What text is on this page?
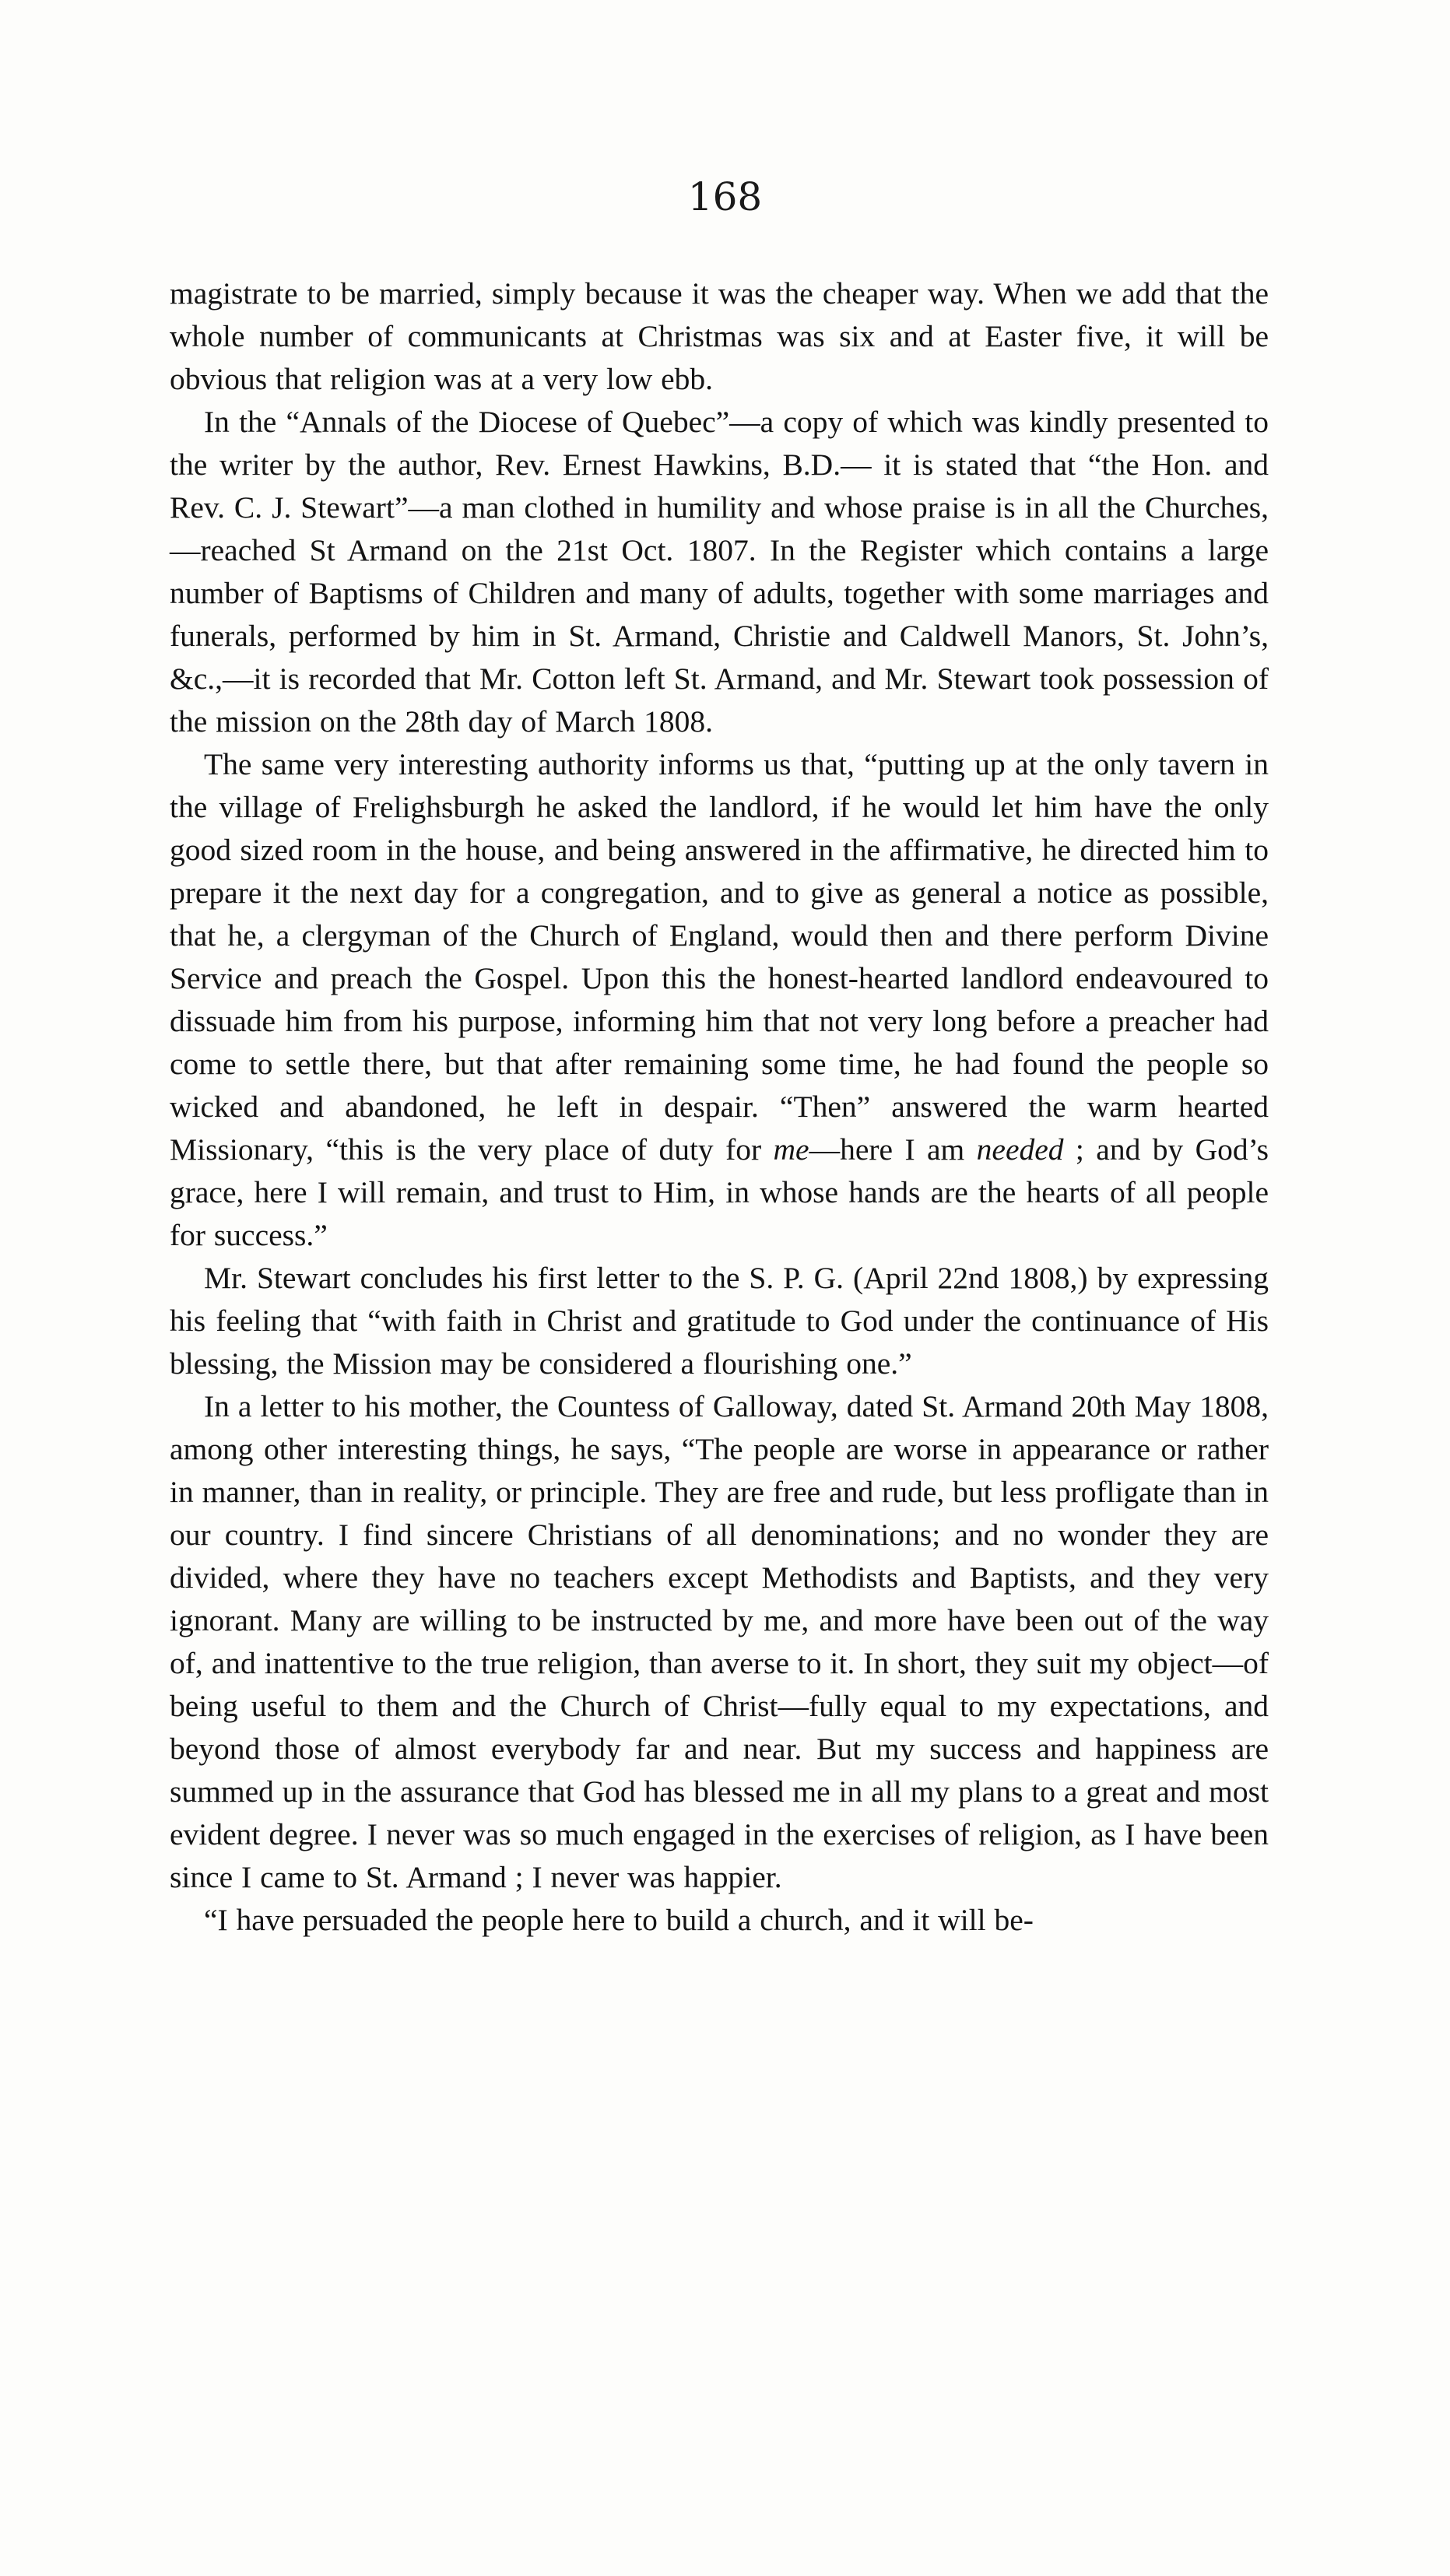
168

magistrate to be married, simply because it was the cheaper way. When we add that the whole number of communicants at Christmas was six and at Easter five, it will be obvious that religion was at a very low ebb.

In the “Annals of the Diocese of Quebec”—a copy of which was kindly presented to the writer by the author, Rev. Ernest Hawkins, B.D.— it is stated that “the Hon. and Rev. C. J. Stewart”—a man clothed in humility and whose praise is in all the Churches,—reached St Armand on the 21st Oct. 1807. In the Register which contains a large number of Baptisms of Children and many of adults, together with some marriages and funerals, performed by him in St. Armand, Christie and Caldwell Manors, St. John’s, &c.,—it is recorded that Mr. Cotton left St. Armand, and Mr. Stewart took possession of the mission on the 28th day of March 1808.

The same very interesting authority informs us that, “putting up at the only tavern in the village of Frelighsburgh he asked the landlord, if he would let him have the only good sized room in the house, and being answered in the affirmative, he directed him to prepare it the next day for a congregation, and to give as general a notice as possible, that he, a clergyman of the Church of England, would then and there perform Divine Service and preach the Gospel. Upon this the honest-hearted landlord endeavoured to dissuade him from his purpose, informing him that not very long before a preacher had come to settle there, but that after remaining some time, he had found the people so wicked and abandoned, he left in despair. “Then” answered the warm hearted Missionary, “this is the very place of duty for me—here I am needed ; and by God’s grace, here I will remain, and trust to Him, in whose hands are the hearts of all people for success.”

Mr. Stewart concludes his first letter to the S. P. G. (April 22nd 1808,) by expressing his feeling that “with faith in Christ and gratitude to God under the continuance of His blessing, the Mission may be considered a flourishing one.”

In a letter to his mother, the Countess of Galloway, dated St. Armand 20th May 1808, among other interesting things, he says, “The people are worse in appearance or rather in manner, than in reality, or principle. They are free and rude, but less profligate than in our country. I find sincere Christians of all denominations; and no wonder they are divided, where they have no teachers except Methodists and Baptists, and they very ignorant. Many are willing to be instructed by me, and more have been out of the way of, and inattentive to the true religion, than averse to it. In short, they suit my object—of being useful to them and the Church of Christ—fully equal to my expectations, and beyond those of almost everybody far and near. But my success and happiness are summed up in the assurance that God has blessed me in all my plans to a great and most evident degree. I never was so much engaged in the exercises of religion, as I have been since I came to St. Armand ; I never was happier.

“I have persuaded the people here to build a church, and it will be-
